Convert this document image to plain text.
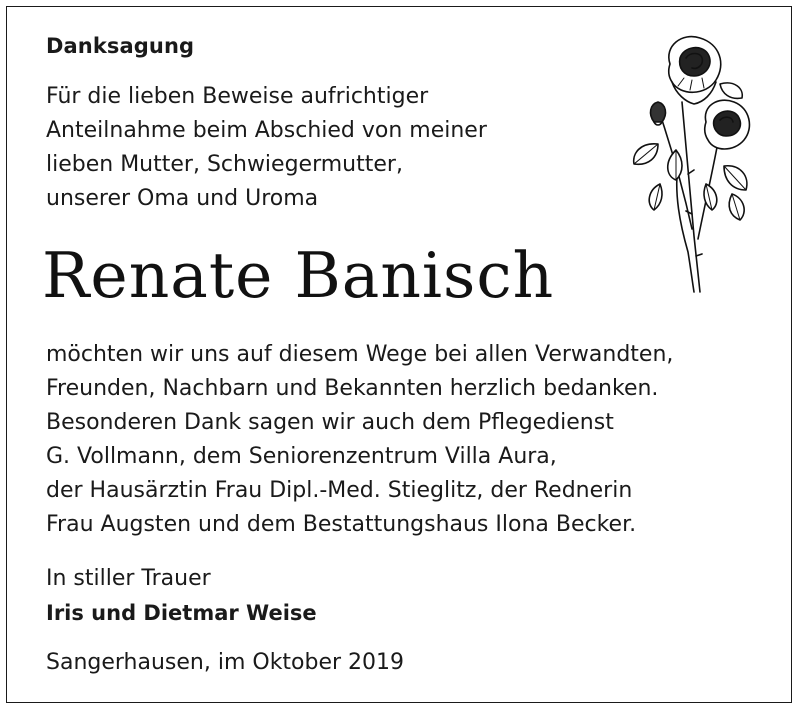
Danksagung
Für die lieben Beweise aufrichtiger
Anteilnahme beim Abschied von meiner
lieben Mutter, Schwiegermutter,
unserer Oma und Uroma
Renate Banisch
möchten wir uns auf diesem Wege bei allen Verwandten,
Freunden, Nachbarn und Bekannten herzlich bedanken.
Besonderen Dank sagen wir auch dem Pflegedienst
G. Vollmann, dem Seniorenzentrum Villa Aura,
der Hausärztin Frau Dipl.-Med. Stieglitz, der Rednerin
Frau Augsten und dem Bestattungshaus Ilona Becker.
In stiller Trauer
Iris und Dietmar Weise
Sangerhausen, im Oktober 2019
